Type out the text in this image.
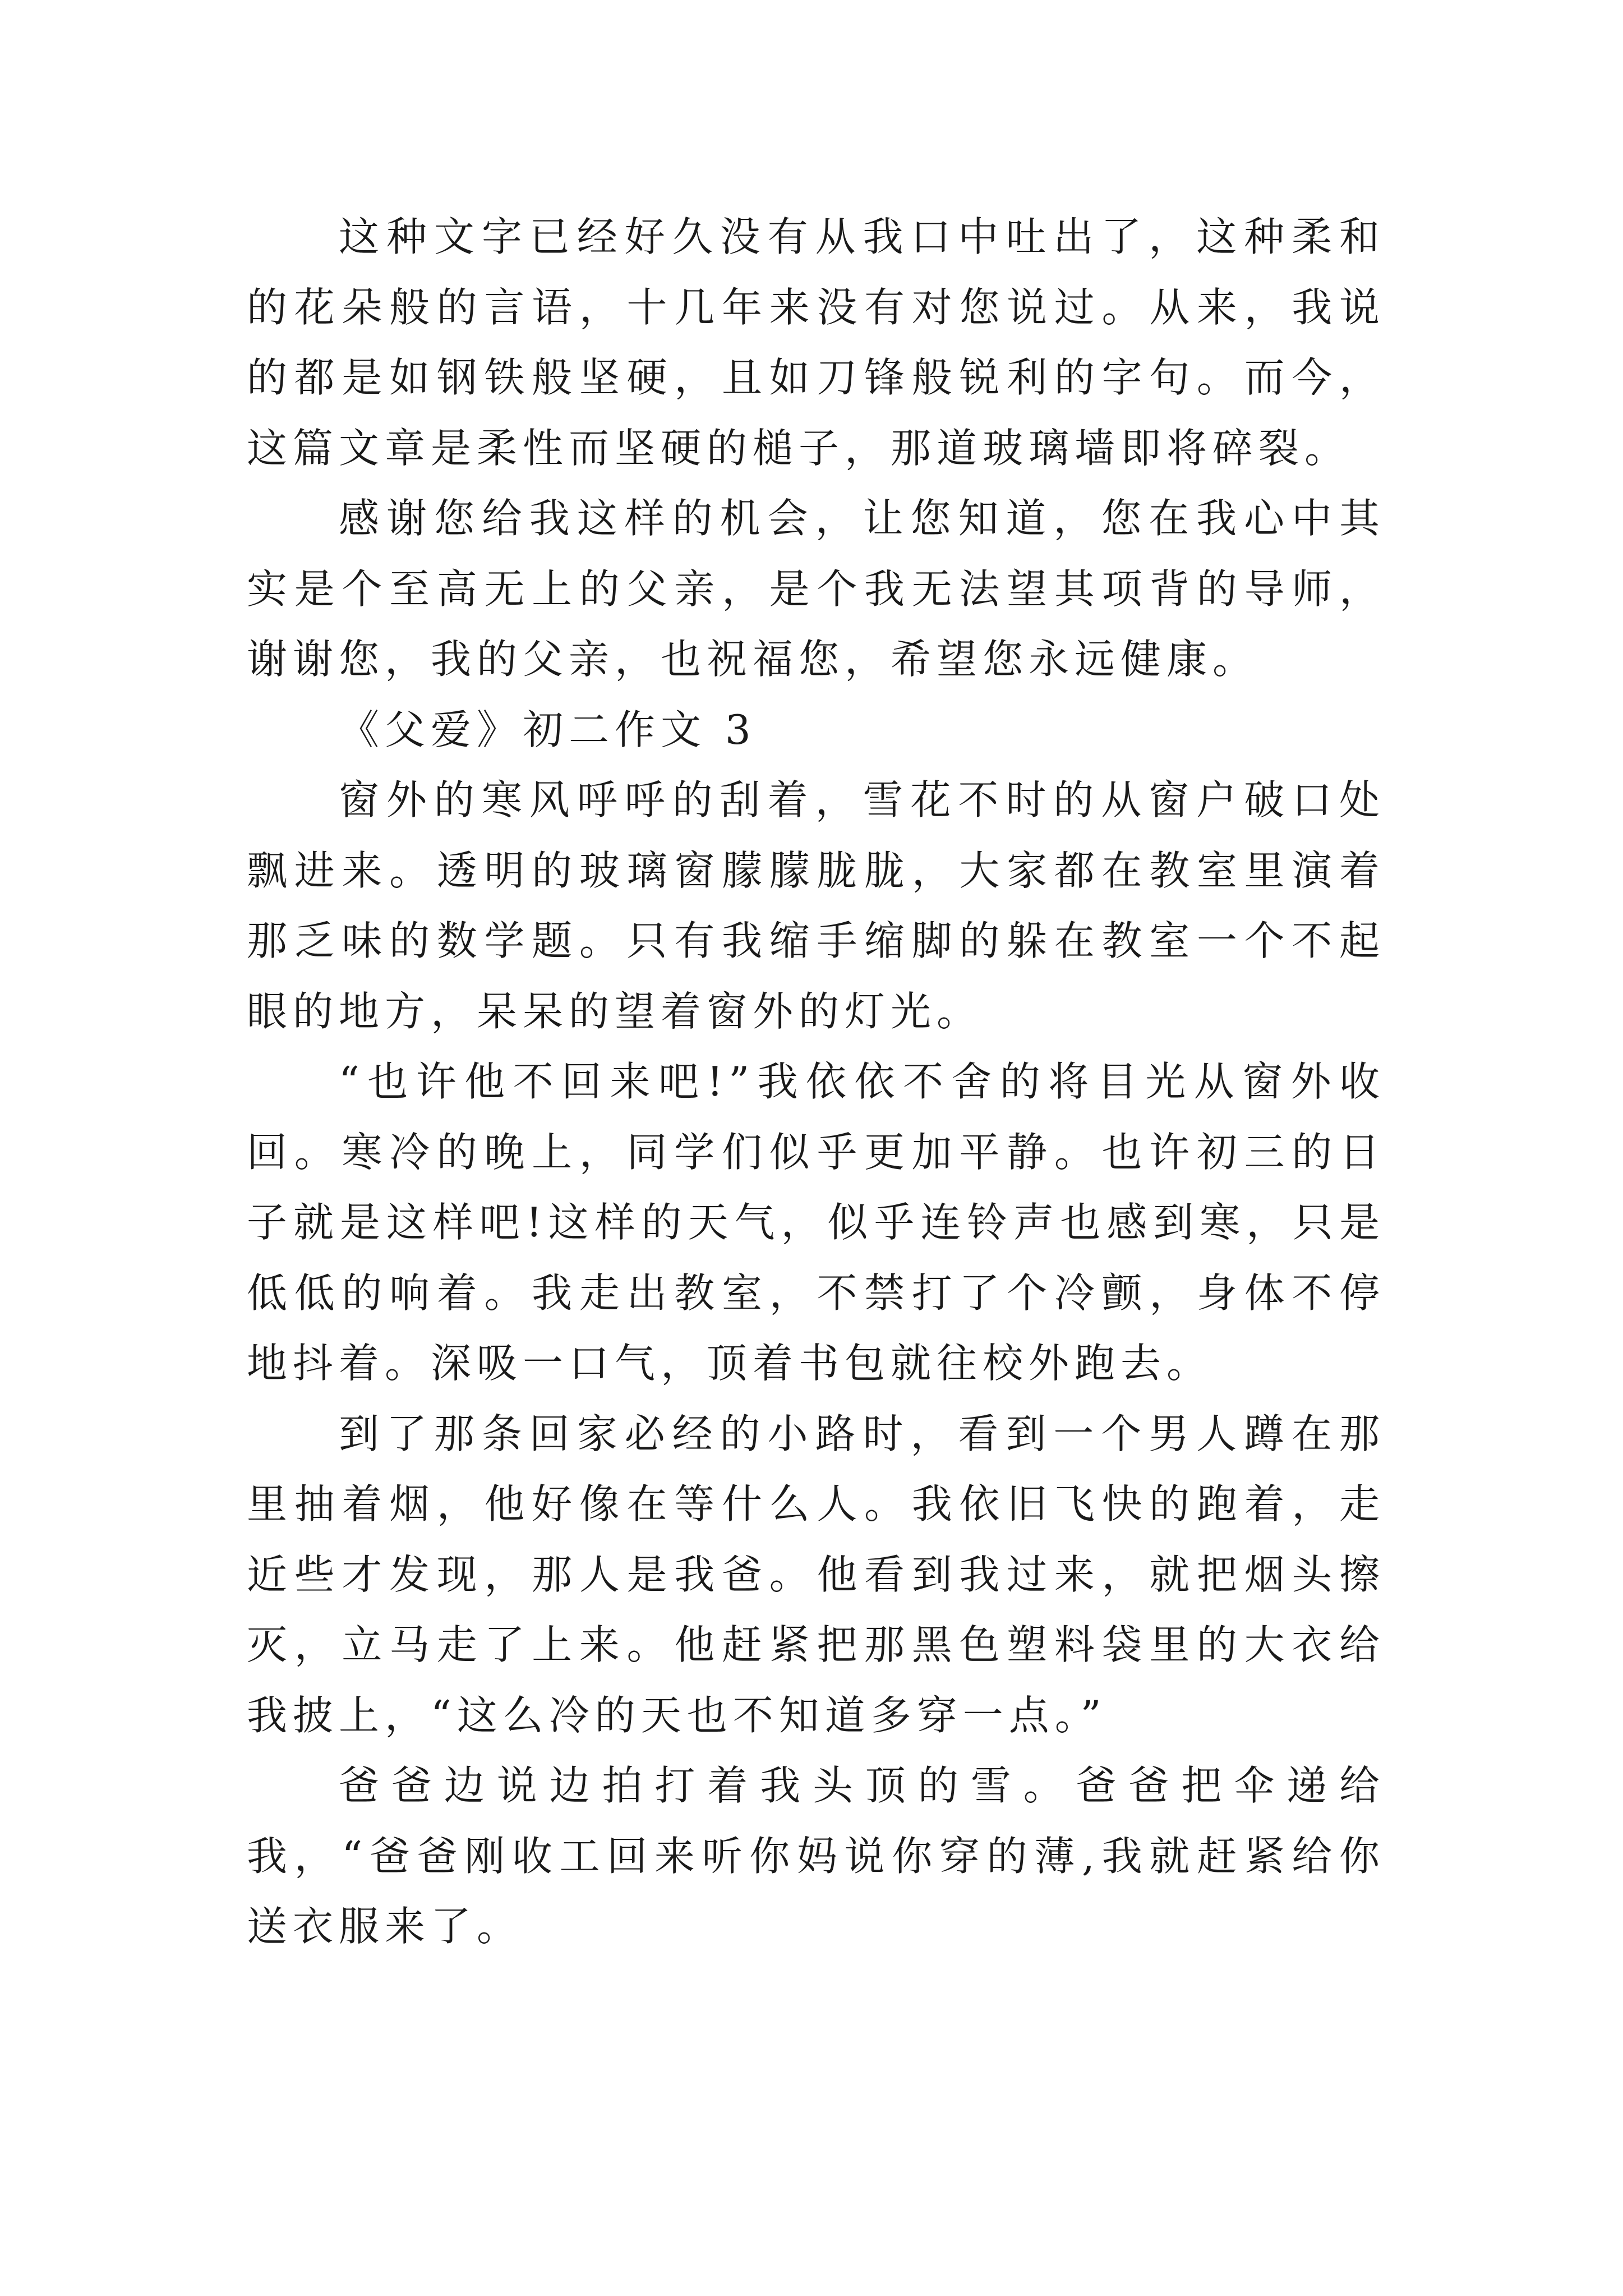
这种文字已经好久没有从我口中吐出了，这种柔和的花朵般的言语，十几年来没有对您说过。从来，我说的都是如钢铁般坚硬，且如刀锋般锐利的字句。而今，这篇文章是柔性而坚硬的槌子，那道玻璃墙即将碎裂。

感谢您给我这样的机会，让您知道，您在我心中其实是个至高无上的父亲，是个我无法望其项背的导师，谢谢您，我的父亲，也祝福您，希望您永远健康。

《父爱》初二作文 3

窗外的寒风呼呼的刮着，雪花不时的从窗户破口处飘进来。透明的玻璃窗朦朦胧胧，大家都在教室里演着那乏味的数学题。只有我缩手缩脚的躲在教室一个不起眼的地方，呆呆的望着窗外的灯光。

“也许他不回来吧!”我依依不舍的将目光从窗外收回。寒冷的晚上，同学们似乎更加平静。也许初三的日子就是这样吧!这样的天气，似乎连铃声也感到寒，只是低低的响着。我走出教室，不禁打了个冷颤，身体不停地抖着。深吸一口气，顶着书包就往校外跑去。

到了那条回家必经的小路时，看到一个男人蹲在那里抽着烟，他好像在等什么人。我依旧飞快的跑着，走近些才发现，那人是我爸。他看到我过来，就把烟头擦灭，立马走了上来。他赶紧把那黑色塑料袋里的大衣给我披上，“这么冷的天也不知道多穿一点。”

爸爸边说边拍打着我头顶的雪。爸爸把伞递给我，“爸爸刚收工回来听你妈说你穿的薄,我就赶紧给你送衣服来了。
